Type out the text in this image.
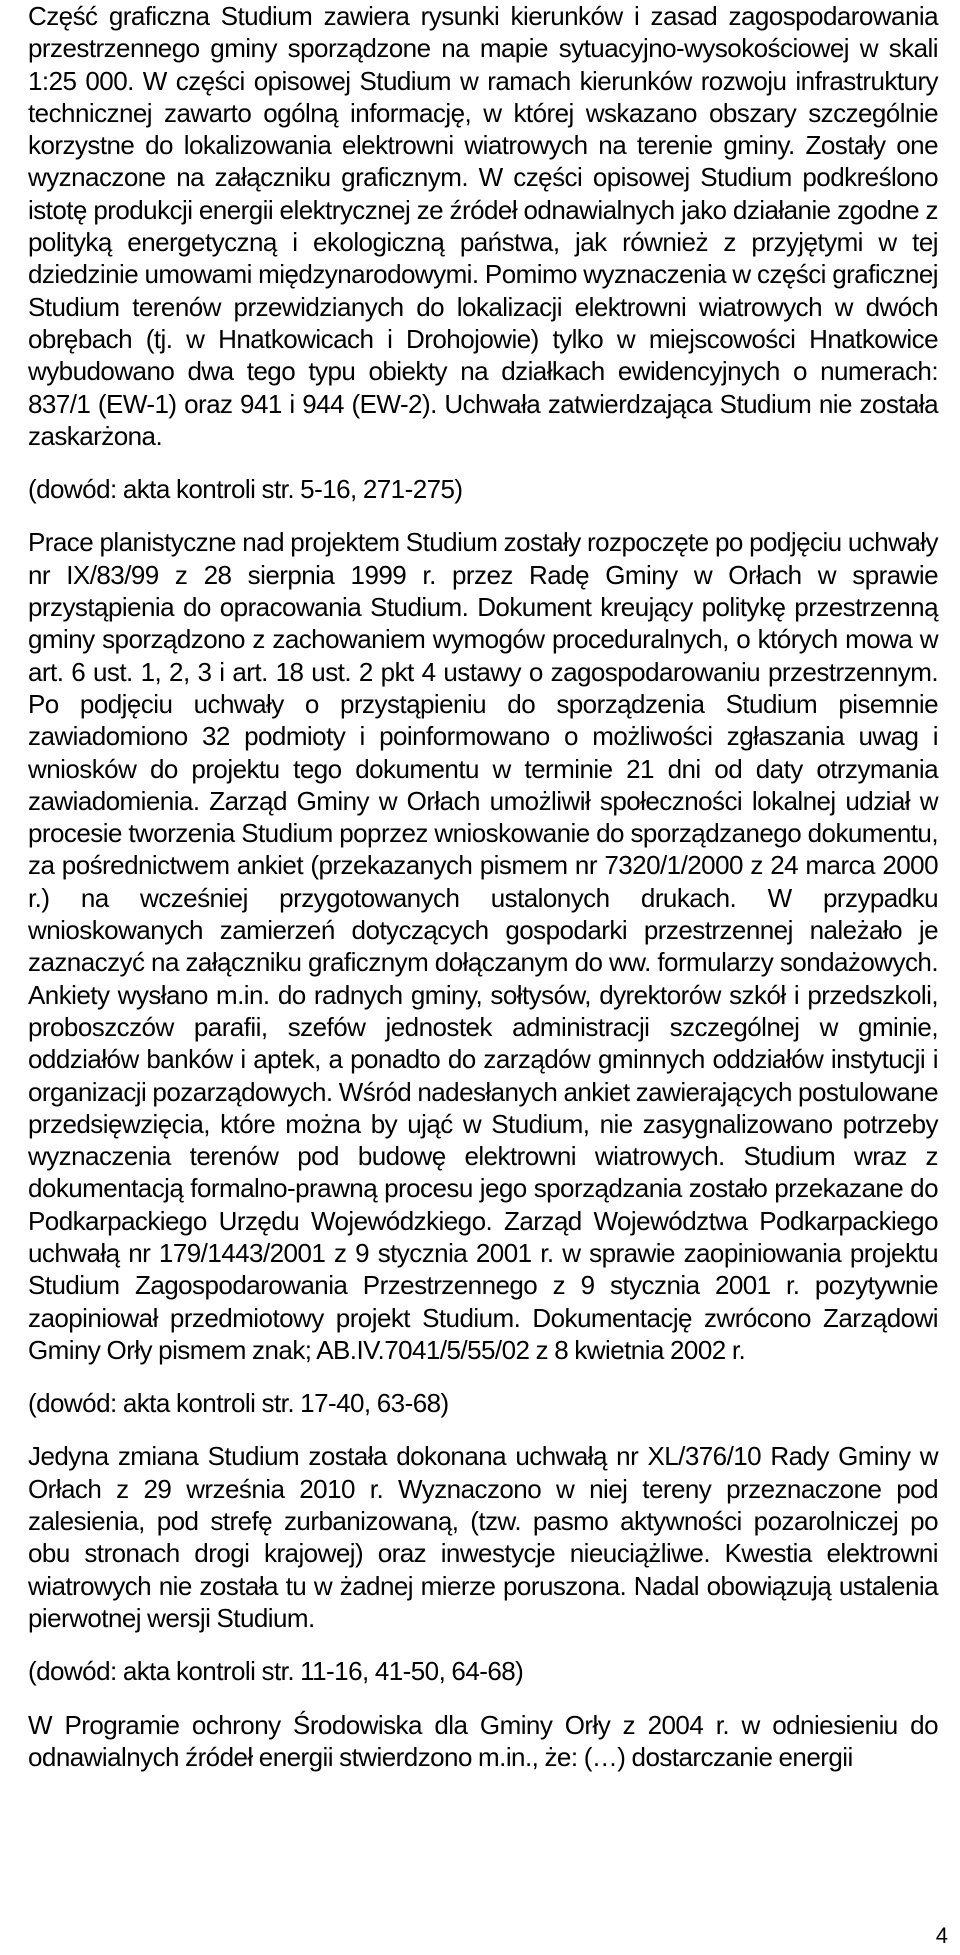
Część graficzna Studium zawiera rysunki kierunków i zasad zagospodarowania przestrzennego gminy sporządzone na mapie sytuacyjno-wysokościowej w skali 1:25 000. W części opisowej Studium w ramach kierunków rozwoju infrastruktury technicznej zawarto ogólną informację, w której wskazano obszary szczególnie korzystne do lokalizowania elektrowni wiatrowych na terenie gminy. Zostały one wyznaczone na załączniku graficznym. W części opisowej Studium podkreślono istotę produkcji energii elektrycznej ze źródeł odnawialnych jako działanie zgodne z polityką energetyczną i ekologiczną państwa, jak również z przyjętymi w tej dziedzinie umowami międzynarodowymi. Pomimo wyznaczenia w części graficznej Studium terenów przewidzianych do lokalizacji elektrowni wiatrowych w dwóch obrębach (tj. w Hnatkowicach i Drohojowie) tylko w miejscowości Hnatkowice wybudowano dwa tego typu obiekty na działkach ewidencyjnych o numerach: 837/1 (EW-1) oraz 941 i 944 (EW-2). Uchwała zatwierdzająca Studium nie została zaskarżona.

(dowód: akta kontroli str. 5-16, 271-275)

Prace planistyczne nad projektem Studium zostały rozpoczęte po podjęciu uchwały nr IX/83/99 z 28 sierpnia 1999 r. przez Radę Gminy w Orłach w sprawie przystąpienia do opracowania Studium. Dokument kreujący politykę przestrzenną gminy sporządzono z zachowaniem wymogów proceduralnych, o których mowa w art. 6 ust. 1, 2, 3 i art. 18 ust. 2 pkt 4 ustawy o zagospodarowaniu przestrzennym. Po podjęciu uchwały o przystąpieniu do sporządzenia Studium pisemnie zawiadomiono 32 podmioty i poinformowano o możliwości zgłaszania uwag i wniosków do projektu tego dokumentu w terminie 21 dni od daty otrzymania zawiadomienia. Zarząd Gminy w Orłach umożliwił społeczności lokalnej udział w procesie tworzenia Studium poprzez wnioskowanie do sporządzanego dokumentu, za pośrednictwem ankiet (przekazanych pismem nr 7320/1/2000 z 24 marca 2000 r.) na wcześniej przygotowanych ustalonych drukach. W przypadku wnioskowanych zamierzeń dotyczących gospodarki przestrzennej należało je zaznaczyć na załączniku graficznym dołączanym do ww. formularzy sondażowych. Ankiety wysłano m.in. do radnych gminy, sołtysów, dyrektorów szkół i przedszkoli, proboszczów parafii, szefów jednostek administracji szczególnej w gminie, oddziałów banków i aptek, a ponadto do zarządów gminnych oddziałów instytucji i organizacji pozarządowych. Wśród nadesłanych ankiet zawierających postulowane przedsięwzięcia, które można by ująć w Studium, nie zasygnalizowano potrzeby wyznaczenia terenów pod budowę elektrowni wiatrowych. Studium wraz z dokumentacją formalno-prawną procesu jego sporządzania zostało przekazane do Podkarpackiego Urzędu Wojewódzkiego. Zarząd Województwa Podkarpackiego uchwałą nr 179/1443/2001 z 9 stycznia 2001 r. w sprawie zaopiniowania projektu Studium Zagospodarowania Przestrzennego z 9 stycznia 2001 r. pozytywnie zaopiniował przedmiotowy projekt Studium. Dokumentację zwrócono Zarządowi Gminy Orły pismem znak; AB.IV.7041/5/55/02 z 8 kwietnia 2002 r.

(dowód: akta kontroli str. 17-40, 63-68)

Jedyna zmiana Studium została dokonana uchwałą nr XL/376/10 Rady Gminy w Orłach z 29 września 2010 r. Wyznaczono w niej tereny przeznaczone pod zalesienia, pod strefę zurbanizowaną, (tzw. pasmo aktywności pozarolniczej po obu stronach drogi krajowej) oraz inwestycje nieuciążliwe. Kwestia elektrowni wiatrowych nie została tu w żadnej mierze poruszona. Nadal obowiązują ustalenia pierwotnej wersji Studium.

(dowód: akta kontroli str. 11-16, 41-50, 64-68)

W Programie ochrony Środowiska dla Gminy Orły z 2004 r. w odniesieniu do odnawialnych źródeł energii stwierdzono m.in., że: (…) dostarczanie energii

4
